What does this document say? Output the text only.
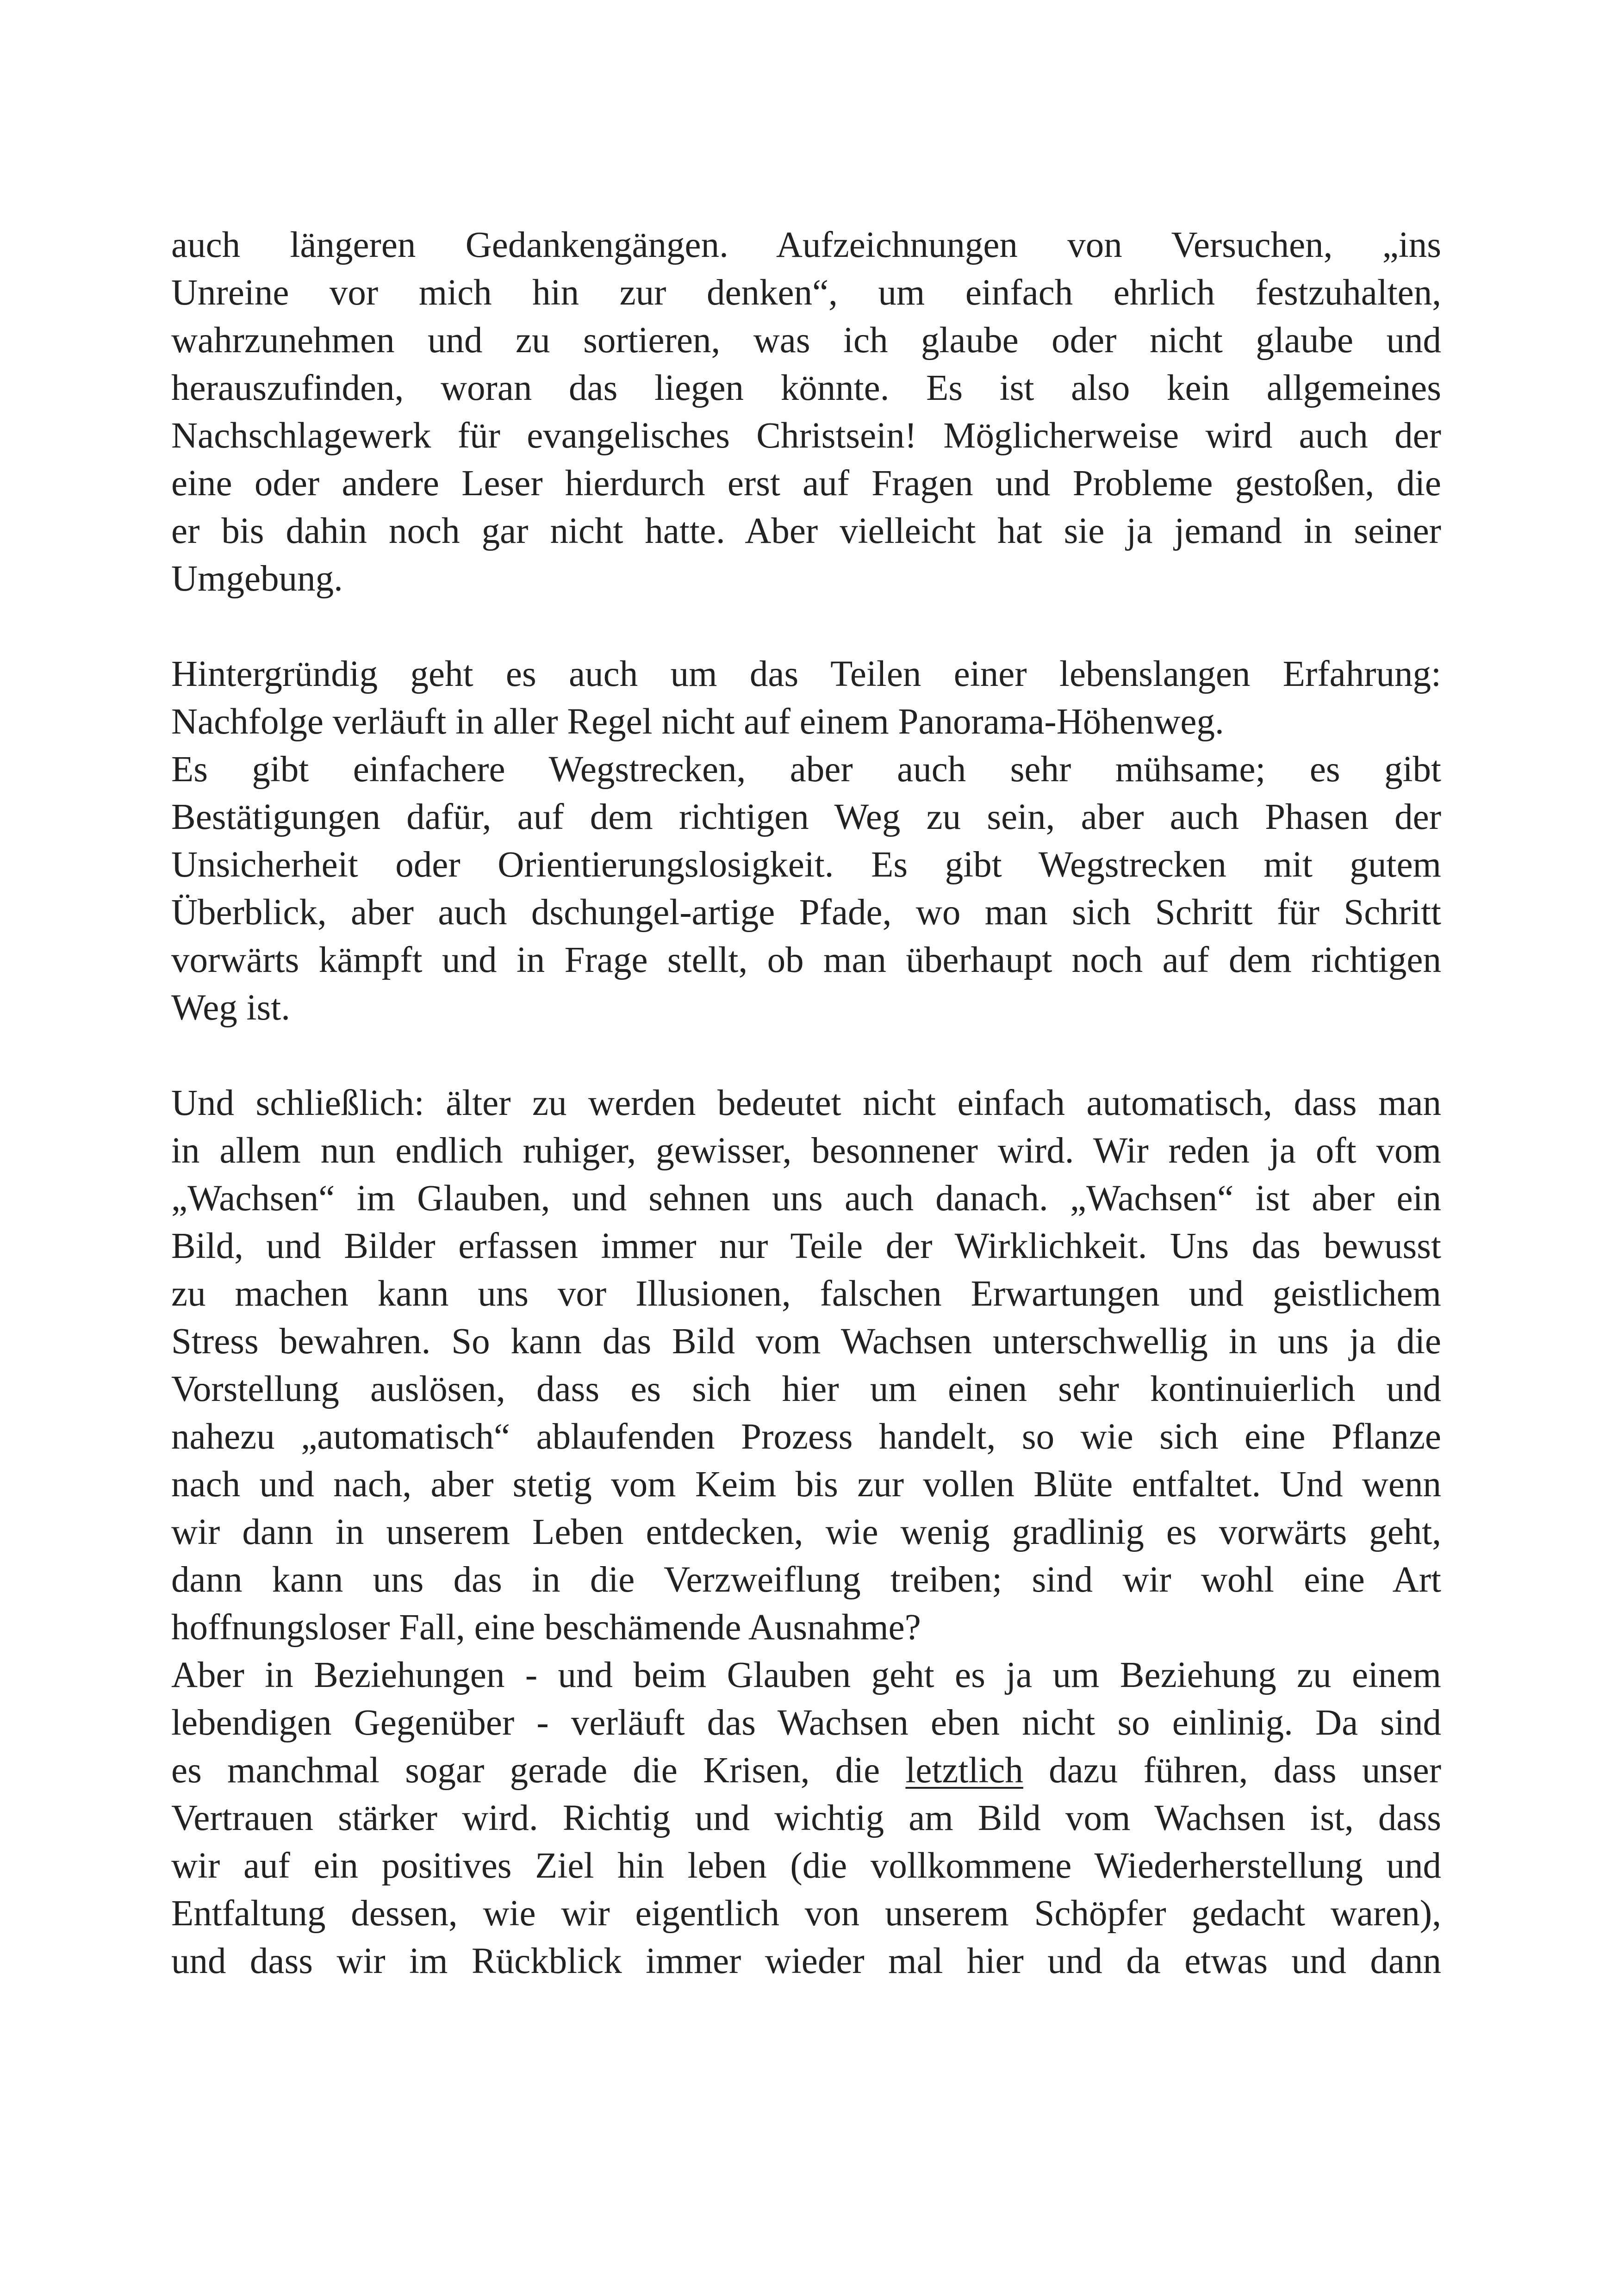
auch längeren Gedankengängen. Aufzeichnungen von Versuchen, „ins
Unreine vor mich hin zur denken“, um einfach ehrlich festzuhalten,
wahrzunehmen und zu sortieren, was ich glaube oder nicht glaube und
herauszufinden, woran das liegen könnte. Es ist also kein allgemeines
Nachschlagewerk für evangelisches Christsein! Möglicherweise wird auch der
eine oder andere Leser hierdurch erst auf Fragen und Probleme gestoßen, die
er bis dahin noch gar nicht hatte. Aber vielleicht hat sie ja jemand in seiner
Umgebung.
Hintergründig geht es auch um das Teilen einer lebenslangen Erfahrung:
Nachfolge verläuft in aller Regel nicht auf einem Panorama-Höhenweg.
Es gibt einfachere Wegstrecken, aber auch sehr mühsame; es gibt
Bestätigungen dafür, auf dem richtigen Weg zu sein, aber auch Phasen der
Unsicherheit oder Orientierungslosigkeit. Es gibt Wegstrecken mit gutem
Überblick, aber auch dschungel-artige Pfade, wo man sich Schritt für Schritt
vorwärts kämpft und in Frage stellt, ob man überhaupt noch auf dem richtigen
Weg ist.
Und schließlich: älter zu werden bedeutet nicht einfach automatisch, dass man
in allem nun endlich ruhiger, gewisser, besonnener wird. Wir reden ja oft vom
„Wachsen“ im Glauben, und sehnen uns auch danach. „Wachsen“ ist aber ein
Bild, und Bilder erfassen immer nur Teile der Wirklichkeit. Uns das bewusst
zu machen kann uns vor Illusionen, falschen Erwartungen und geistlichem
Stress bewahren. So kann das Bild vom Wachsen unterschwellig in uns ja die
Vorstellung auslösen, dass es sich hier um einen sehr kontinuierlich und
nahezu „automatisch“ ablaufenden Prozess handelt, so wie sich eine Pflanze
nach und nach, aber stetig vom Keim bis zur vollen Blüte entfaltet. Und wenn
wir dann in unserem Leben entdecken, wie wenig gradlinig es vorwärts geht,
dann kann uns das in die Verzweiflung treiben; sind wir wohl eine Art
hoffnungsloser Fall, eine beschämende Ausnahme?
Aber in Beziehungen - und beim Glauben geht es ja um Beziehung zu einem
lebendigen Gegenüber - verläuft das Wachsen eben nicht so einlinig. Da sind
es manchmal sogar gerade die Krisen, die letztlich dazu führen, dass unser
Vertrauen stärker wird. Richtig und wichtig am Bild vom Wachsen ist, dass
wir auf ein positives Ziel hin leben (die vollkommene Wiederherstellung und
Entfaltung dessen, wie wir eigentlich von unserem Schöpfer gedacht waren),
und dass wir im Rückblick immer wieder mal hier und da etwas und dann
